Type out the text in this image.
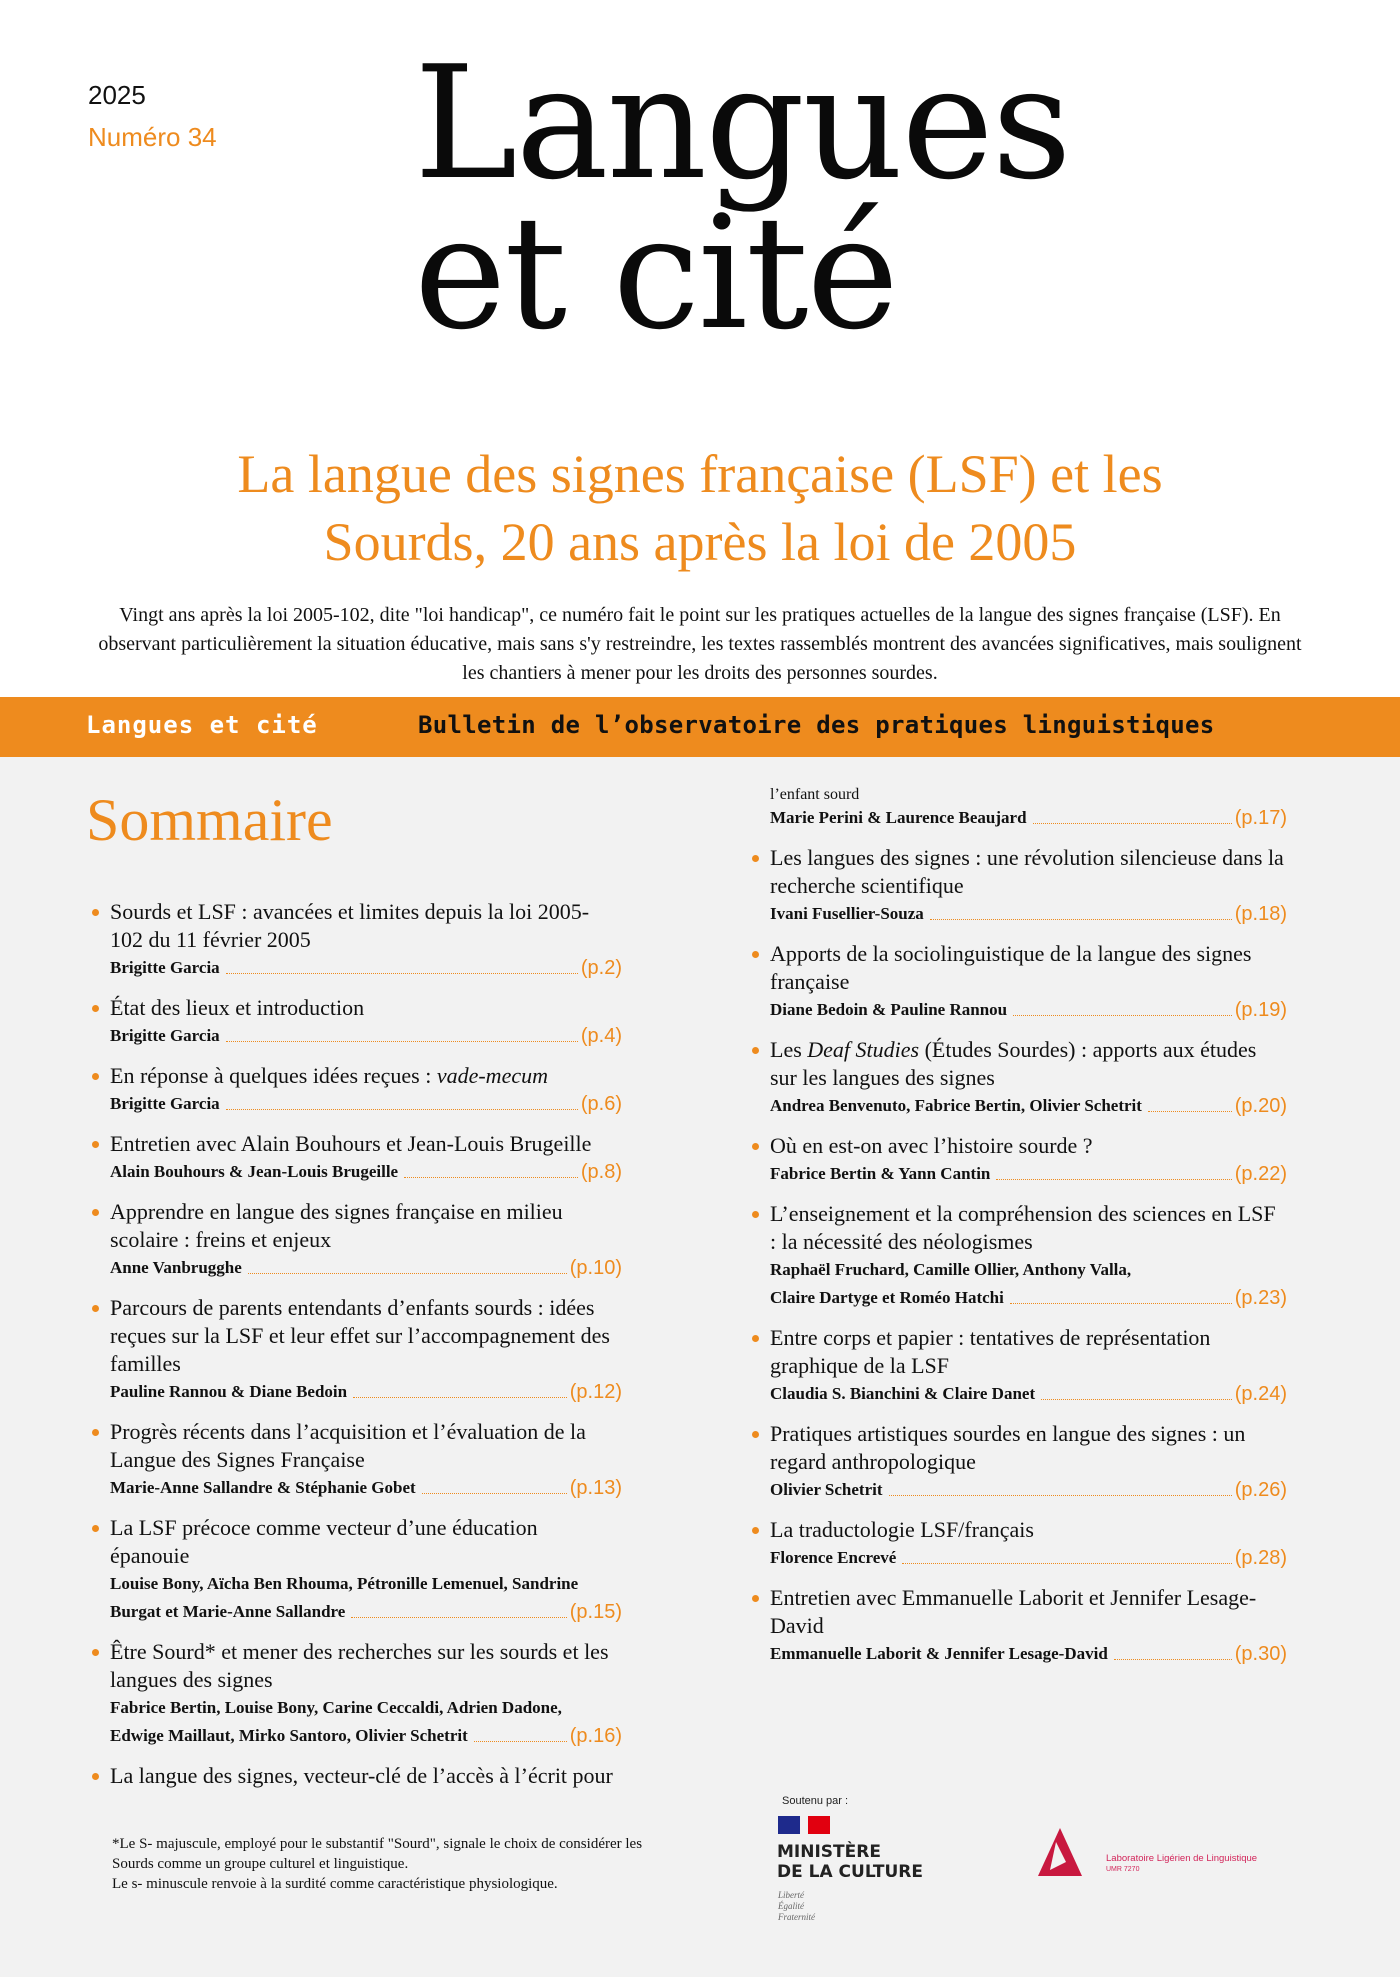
2025
Numéro 34 Langues
et cité
La langue des signes française (LSF) et les
Sourds, 20 ans après la loi de 2005
Vingt ans après la loi 2005-102, dite "loi handicap", ce numéro fait le point sur les pratiques actuelles de la langue des signes française (LSF). En observant particulièrement la situation éducative, mais sans s'y restreindre, les textes rassemblés montrent des avancées significatives, mais soulignent les chantiers à mener pour les droits des personnes sourdes.
Langues et cité	Bulletin de l’observatoire des pratiques linguistiques
Sommaire
Sourds et LSF : avancées et limites depuis la loi 2005-102 du 11 février 2005
Brigitte Garcia	(p.2)
État des lieux et introduction
Brigitte Garcia	(p.4)
En réponse à quelques idées reçues : vade-mecum
Brigitte Garcia	(p.6)
Entretien avec Alain Bouhours et Jean-Louis Brugeille
Alain Bouhours & Jean-Louis Brugeille	(p.8)
Apprendre en langue des signes française en milieu scolaire : freins et enjeux
Anne Vanbrugghe	(p.10)
Parcours de parents entendants d’enfants sourds : idées reçues sur la LSF et leur effet sur l’accompagnement des familles
Pauline Rannou & Diane Bedoin	(p.12)
Progrès récents dans l’acquisition et l’évaluation de la Langue des Signes Française
Marie-Anne Sallandre & Stéphanie Gobet	(p.13)
La LSF précoce comme vecteur d’une éducation épanouie
Louise Bony, Aïcha Ben Rhouma, Pétronille Lemenuel, Sandrine
Burgat et Marie-Anne Sallandre	(p.15)
Être Sourd* et mener des recherches sur les sourds et les langues des signes
Fabrice Bertin, Louise Bony, Carine Ceccaldi, Adrien Dadone,
Edwige Maillaut, Mirko Santoro, Olivier Schetrit	(p.16)
La langue des signes, vecteur-clé de l’accès à l’écrit pour
l’enfant sourd
Marie Perini & Laurence Beaujard	(p.17)
Les langues des signes : une révolution silencieuse dans la recherche scientifique
Ivani Fusellier-Souza	(p.18)
Apports de la sociolinguistique de la langue des signes française
Diane Bedoin & Pauline Rannou	(p.19)
Les Deaf Studies (Études Sourdes) : apports aux études sur les langues des signes
Andrea Benvenuto, Fabrice Bertin, Olivier Schetrit	(p.20)
Où en est-on avec l’histoire sourde ?
Fabrice Bertin & Yann Cantin	(p.22)
L’enseignement et la compréhension des sciences en LSF : la nécessité des néologismes
Raphaël Fruchard, Camille Ollier, Anthony Valla,
Claire Dartyge et Roméo Hatchi	(p.23)
Entre corps et papier : tentatives de représentation graphique de la LSF
Claudia S. Bianchini & Claire Danet	(p.24)
Pratiques artistiques sourdes en langue des signes : un regard anthropologique
Olivier Schetrit	(p.26)
La traductologie LSF/français
Florence Encrevé	(p.28)
Entretien avec Emmanuelle Laborit et Jennifer Lesage-David
Emmanuelle Laborit & Jennifer Lesage-David	(p.30)
*Le S- majuscule, employé pour le substantif "Sourd", signale le choix de considérer les Sourds comme un groupe culturel et linguistique.
Le s- minuscule renvoie à la surdité comme caractéristique physiologique.
Soutenu par :
MINISTÈRE
DE LA CULTURE
Liberté
Égalité
Fraternité
Laboratoire Ligérien de Linguistique
UMR 7270
